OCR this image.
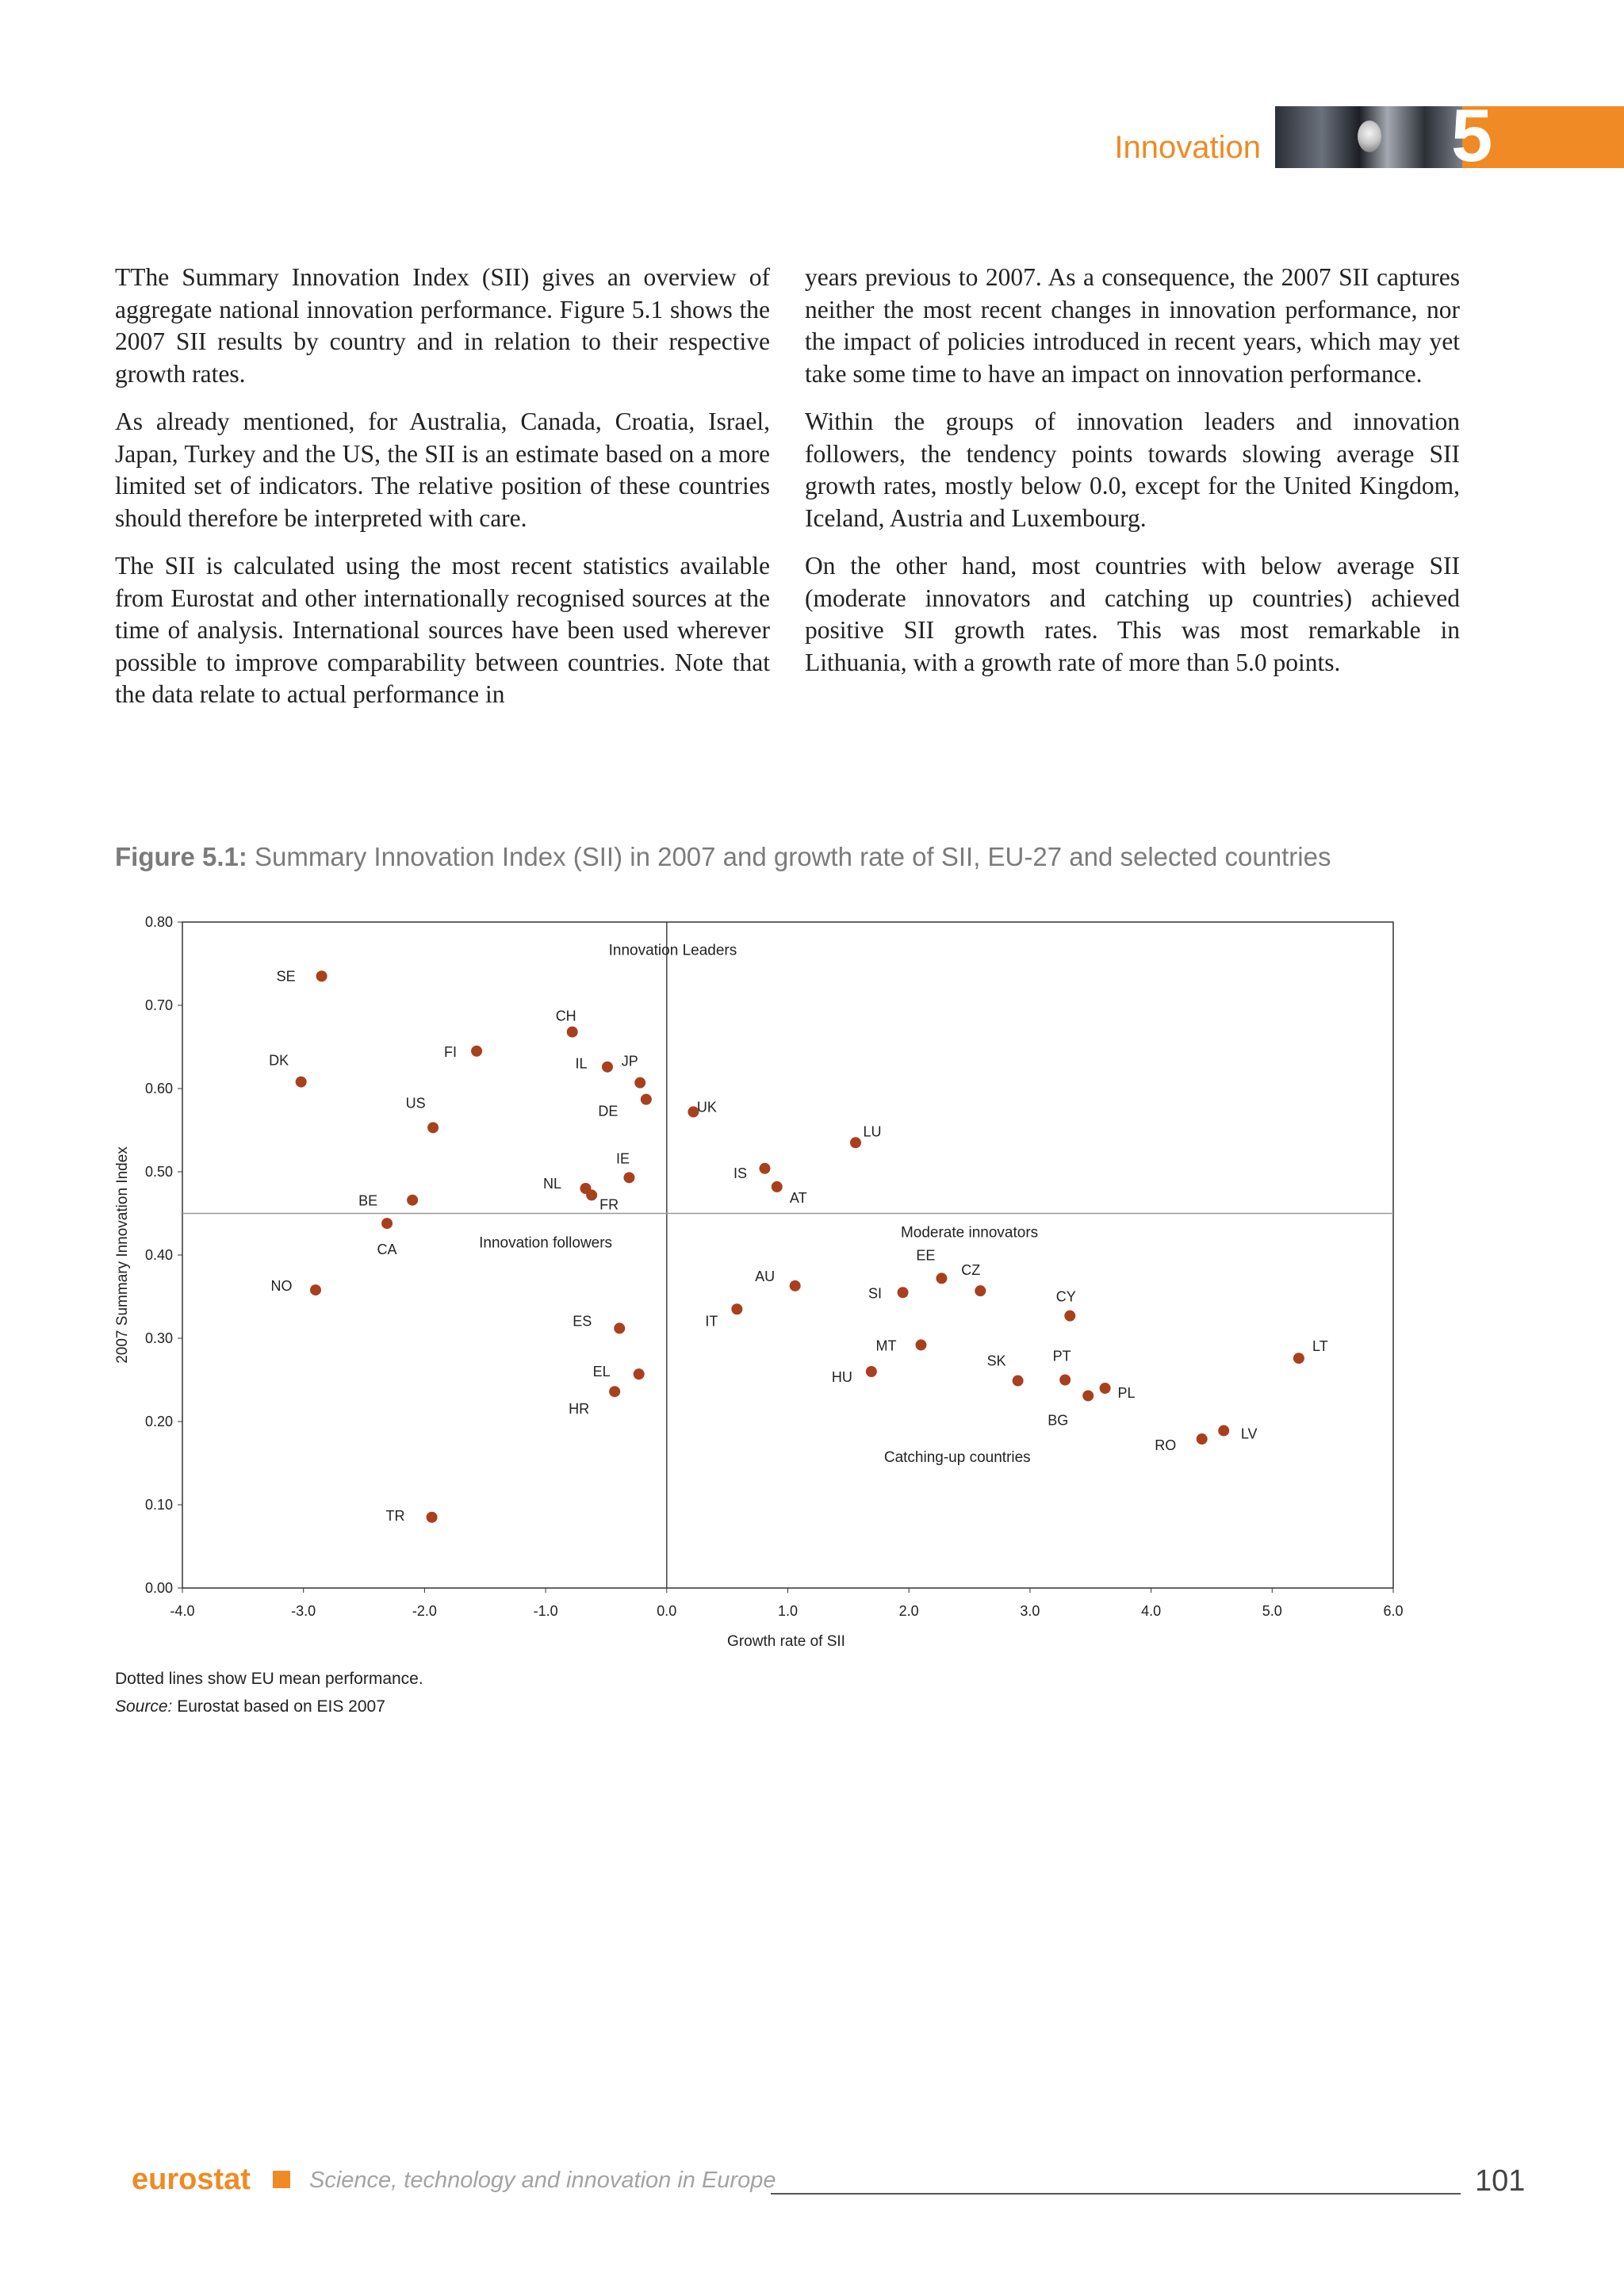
Innovation	5

TThe Summary Innovation Index (SII) gives an overview of aggregate national innovation performance. Figure 5.1 shows the 2007 SII results by country and in relation to their respective growth rates.

As already mentioned, for Australia, Canada, Croatia, Israel, Japan, Turkey and the US, the SII is an estimate based on a more limited set of indicators. The relative position of these countries should therefore be interpreted with care.

The SII is calculated using the most recent statistics available from Eurostat and other internationally recognised sources at the time of analysis. International sources have been used wherever possible to improve comparability between countries. Note that the data relate to actual performance in

years previous to 2007. As a consequence, the 2007 SII captures neither the most recent changes in innovation performance, nor the impact of policies introduced in recent years, which may yet take some time to have an impact on innovation performance.

Within the groups of innovation leaders and innovation followers, the tendency points towards slowing average SII growth rates, mostly below 0.0, except for the United Kingdom, Iceland, Austria and Luxembourg.

On the other hand, most countries with below average SII (moderate innovators and catching up countries) achieved positive SII growth rates. This was most remarkable in Lithuania, with a growth rate of more than 5.0 points.

Figure 5.1: Summary Innovation Index (SII) in 2007 and growth rate of SII, EU-27 and selected countries
0.00
0.10
0.20
0.30
0.40
0.50
0.60
0.70
0.80
-4.0	-3.0	-2.0	-1.0	0.0	1.0	2.0	3.0	4.0	5.0	6.0
Growth rate of SII
2007 Summary Innovation Index
Innovation Leaders
Innovation followers
Moderate innovators
Catching-up countries
SE
CH
FI
DK	IL JP
DE	UK
US
LU
IS
IE
AT
NL
FR
BE
CA	EE
AU
NO
CZ
SI
IT
CY
ES
MT	LT
HU
EL
SK	PT
PL
HR
BG
LV
RO
TR
Dotted lines show EU mean performance.
Source: Eurostat based on EIS 2007
eurostat	Science, technology and innovation in Europe	101
